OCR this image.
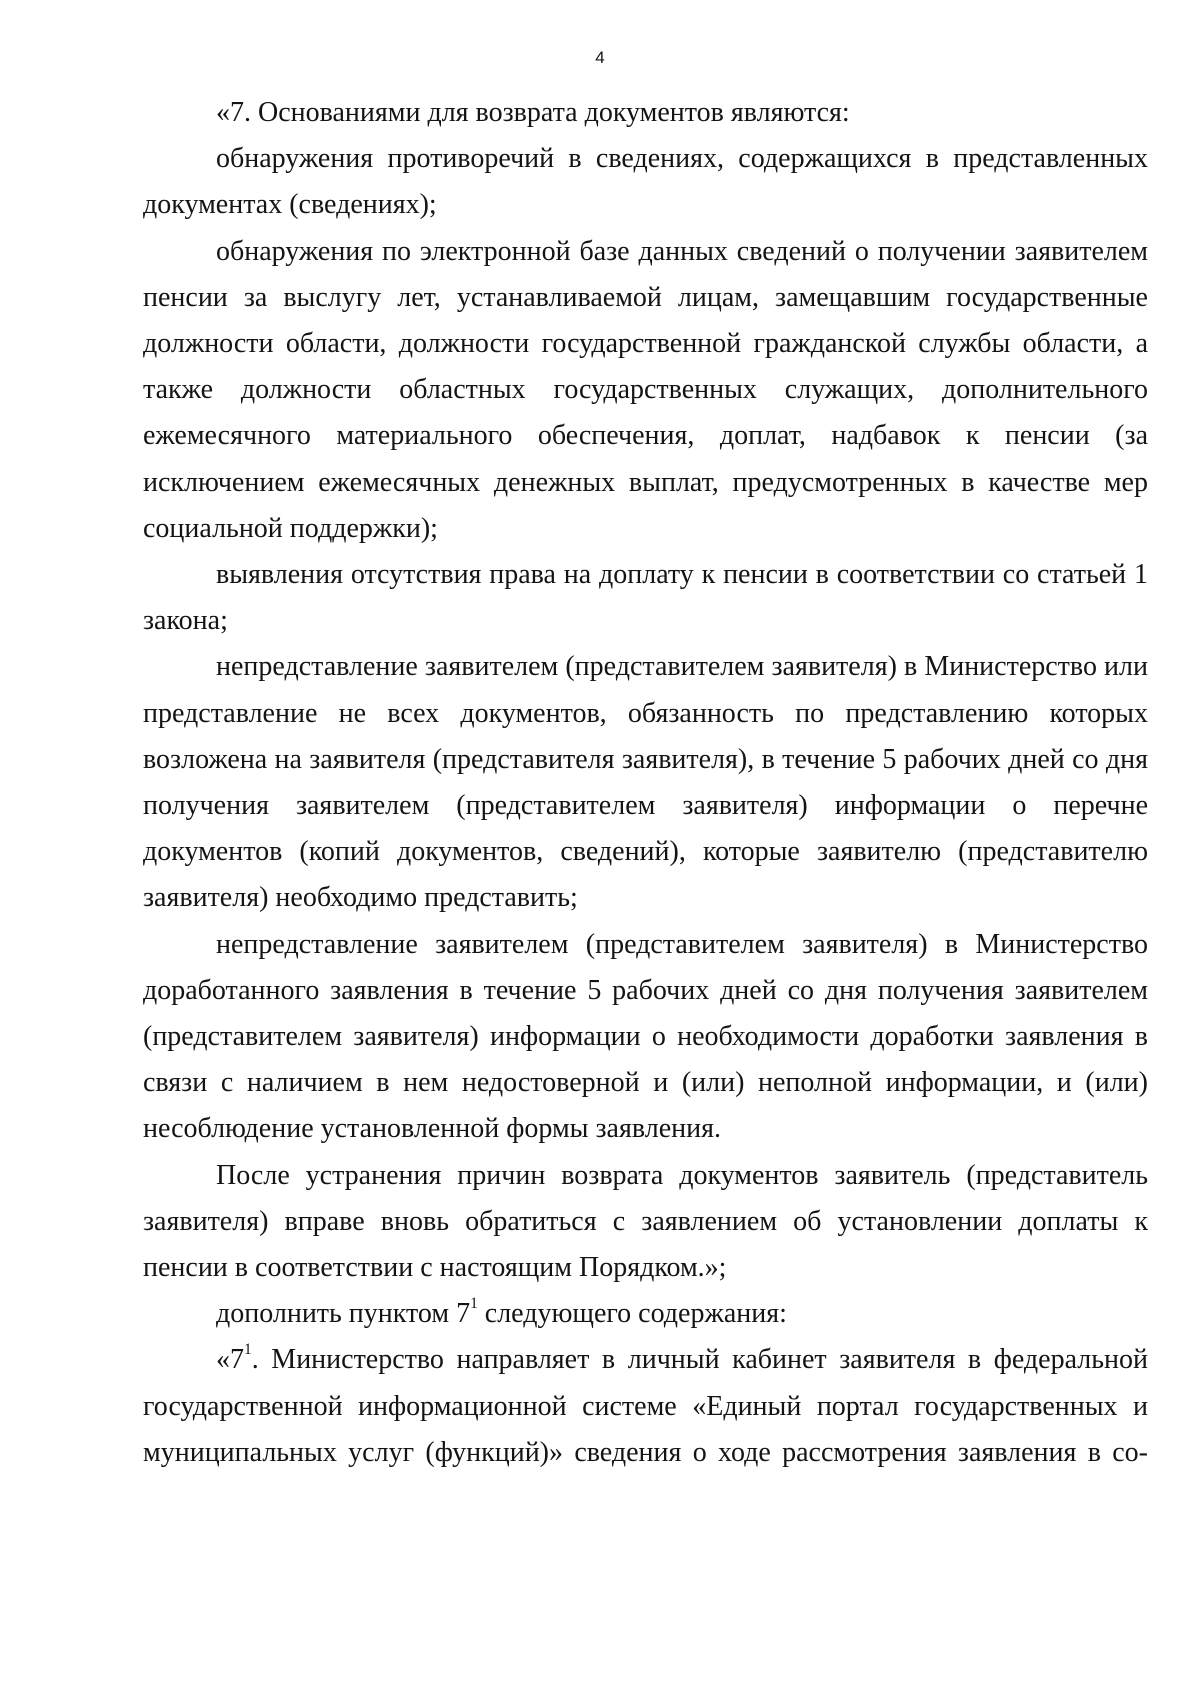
4

«7. Основаниями для возврата документов являются:

обнаружения противоречий в сведениях, содержащихся в представленных документах (сведениях);

обнаружения по электронной базе данных сведений о получении заявителем пенсии за выслугу лет, устанавливаемой лицам, замещавшим государственные должности области, должности государственной гражданской службы области, а также должности областных государственных служащих, дополнительного ежемесячного материального обеспечения, доплат, надбавок к пенсии (за исключением ежемесячных денежных выплат, предусмотренных в качестве мер социальной поддержки);

выявления отсутствия права на доплату к пенсии в соответствии со статьей 1 закона;

непредставление заявителем (представителем заявителя) в Министерство или представление не всех документов, обязанность по представлению которых возложена на заявителя (представителя заявителя), в течение 5 рабочих дней со дня получения заявителем (представителем заявителя) информации о перечне документов (копий документов, сведений), которые заявителю (представителю заявителя) необходимо представить;

непредставление заявителем (представителем заявителя) в Министерство доработанного заявления в течение 5 рабочих дней со дня получения заявителем (представителем заявителя) информации о необходимости доработки заявления в связи с наличием в нем недостоверной и (или) неполной информации, и (или) несоблюдение установленной формы заявления.

После устранения причин возврата документов заявитель (представитель заявителя) вправе вновь обратиться с заявлением об установлении доплаты к пенсии в соответствии с настоящим Порядком.»;

дополнить пунктом $7^1$ следующего содержания:

«$7^1$. Министерство направляет в личный кабинет заявителя в федеральной государственной информационной системе «Единый портал государственных и муниципальных услуг (функций)» сведения о ходе рассмотрения заявления в со-
